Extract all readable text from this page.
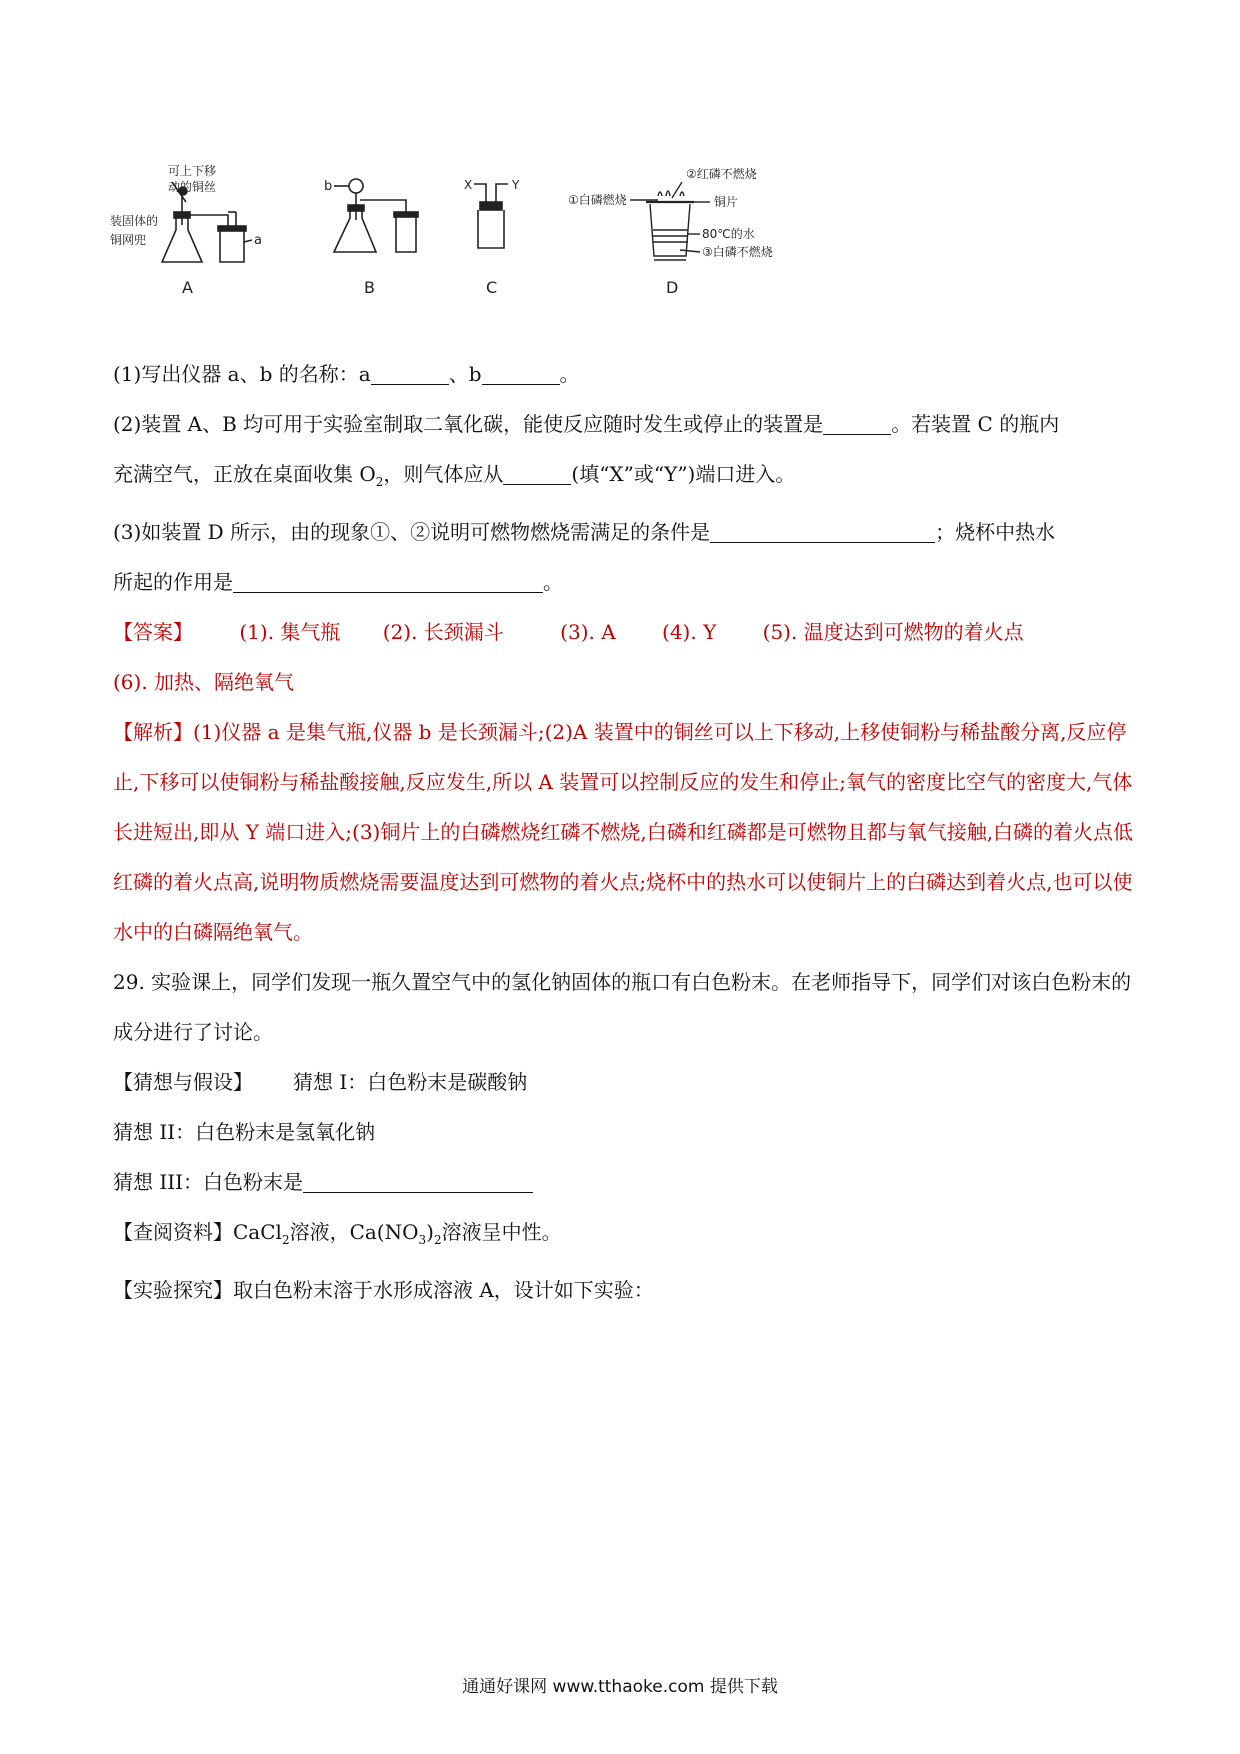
可上下移
动的铜丝
装固体的
铜网兜	a
A
b
B
X	Y
C
①白磷燃烧
②红磷不燃烧
铜片
80℃的水
③白磷不燃烧
D

(1)写出仪器 a、b 的名称：a	、b	。

(2)装置 A、B 均可用于实验室制取二氧化碳，能使反应随时发生或停止的装置是	。若装置 C 的瓶内
充满空气，正放在桌面收集 $O_2$，则气体应从	(填“X”或“Y”)端口进入。

(3)如装置 D 所示，由的现象①、②说明可燃物燃烧需满足的条件是	；烧杯中热水
所起的作用是	。

【答案】 (1). 集气瓶 (2). 长颈漏斗	(3). A (4). Y (5). 温度达到可燃物的着火点
(6). 加热、隔绝氧气

【解析】(1)仪器 a 是集气瓶,仪器 b 是长颈漏斗;(2)A 装置中的铜丝可以上下移动,上移使铜粉与稀盐酸分离,反应停止,下移可以使铜粉与稀盐酸接触,反应发生,所以 A 装置可以控制反应的发生和停止;氧气的密度比空气的密度大,气体长进短出,即从 Y 端口进入;(3)铜片上的白磷燃烧红磷不燃烧,白磷和红磷都是可燃物且都与氧气接触,白磷的着火点低红磷的着火点高,说明物质燃烧需要温度达到可燃物的着火点;烧杯中的热水可以使铜片上的白磷达到着火点,也可以使水中的白磷隔绝氧气。

29. 实验课上，同学们发现一瓶久置空气中的氢化钠固体的瓶口有白色粉末。在老师指导下，同学们对该白色粉末的成分进行了讨论。

【猜想与假设】 猜想 I：白色粉末是碳酸钠

猜想 II：白色粉末是氢氧化钠

猜想 III：白色粉末是

【查阅资料】CaCl$_2$溶液，$Ca(NO_3)_2$溶液呈中性。

【实验探究】取白色粉末溶于水形成溶液 A，设计如下实验：

通通好课网 www.tthaoke.com 提供下载
